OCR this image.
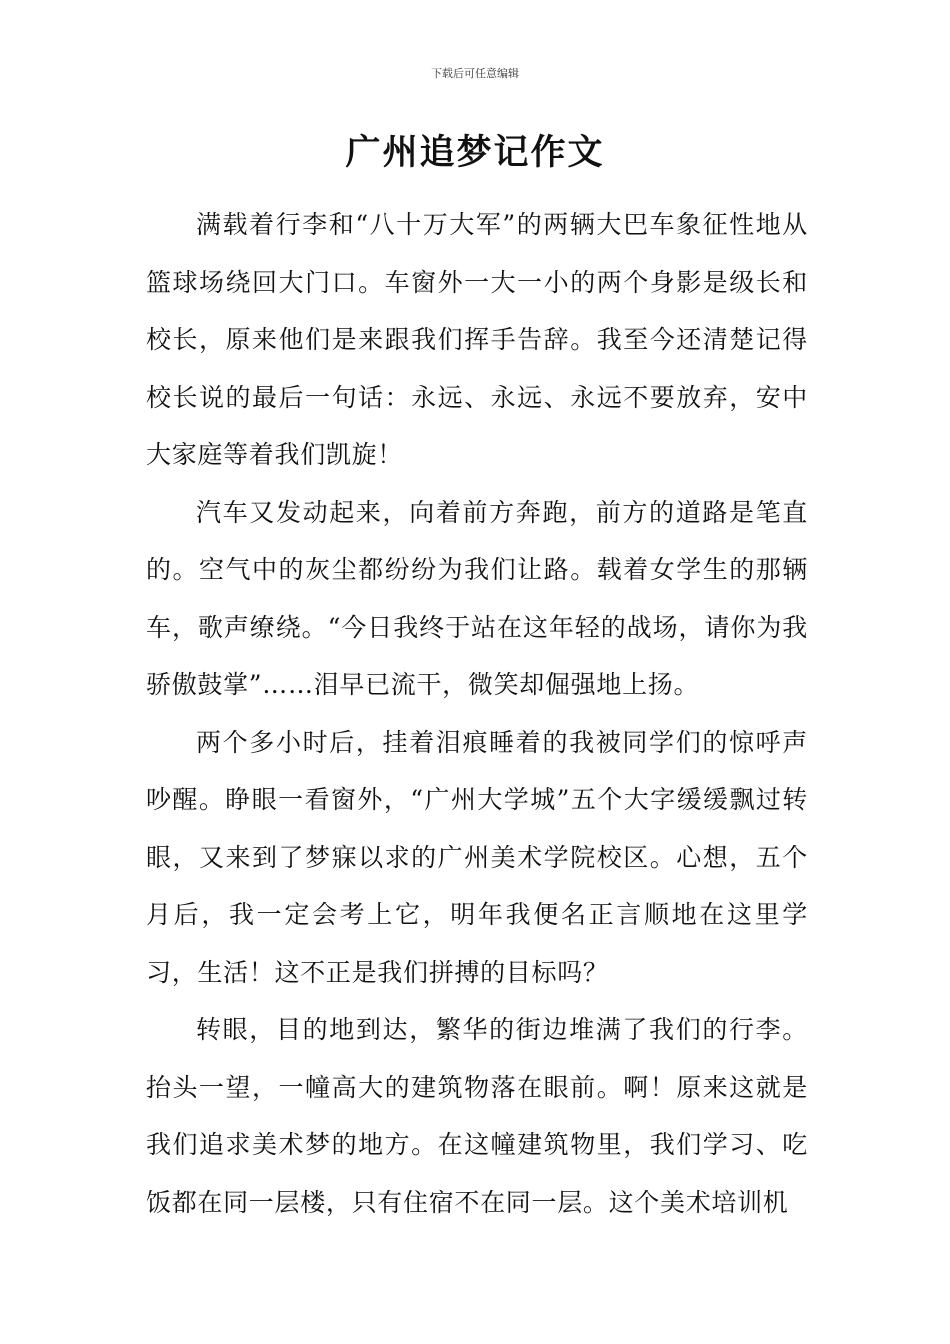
下载后可任意编辑
广州追梦记作文

满载着行李和“八十万大军”的两辆大巴车象征性地从篮球场绕回大门口。车窗外一大一小的两个身影是级长和校长，原来他们是来跟我们挥手告辞。我至今还清楚记得校长说的最后一句话：永远、永远、永远不要放弃，安中大家庭等着我们凯旋！

汽车又发动起来，向着前方奔跑，前方的道路是笔直的。空气中的灰尘都纷纷为我们让路。载着女学生的那辆车，歌声缭绕。“今日我终于站在这年轻的战场，请你为我骄傲鼓掌”……泪早已流干，微笑却倔强地上扬。

两个多小时后，挂着泪痕睡着的我被同学们的惊呼声吵醒。睁眼一看窗外，“广州大学城”五个大字缓缓飘过转眼，又来到了梦寐以求的广州美术学院校区。心想，五个月后，我一定会考上它，明年我便名正言顺地在这里学习，生活！这不正是我们拼搏的目标吗？

转眼，目的地到达，繁华的街边堆满了我们的行李。抬头一望，一幢高大的建筑物落在眼前。啊！原来这就是我们追求美术梦的地方。在这幢建筑物里，我们学习、吃饭都在同一层楼，只有住宿不在同一层。这个美术培训机
